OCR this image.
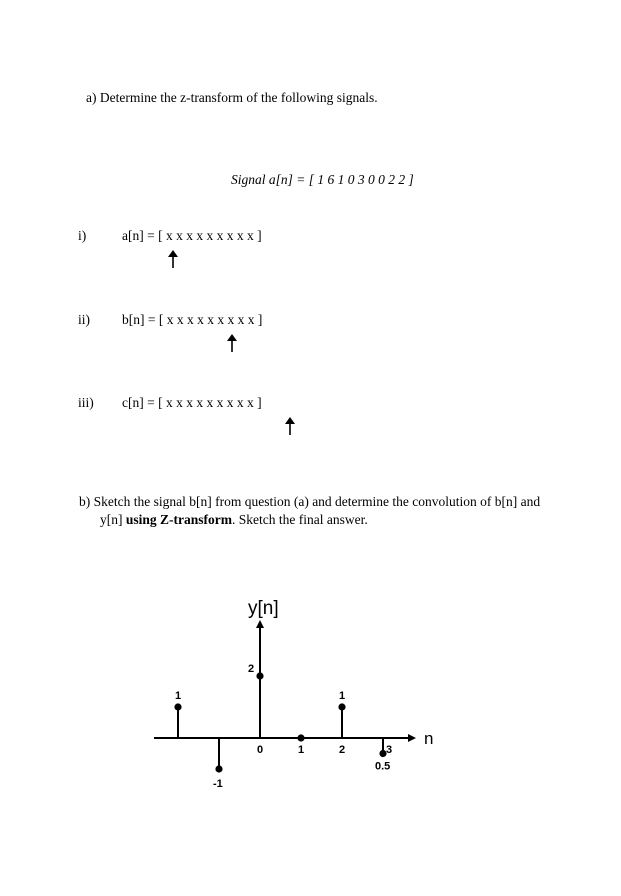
a) Determine the z-transform of the following signals.
Signal a[n] = [ 1 6 1 0 3 0 0 2 2 ]
i)	a[n] = [ x x x x x x x x x ]
ii) b[n] = [ x x x x x x x x x ]
iii) c[n] = [ x x x x x x x x x ]
b) Sketch the signal b[n] from question (a) and determine the convolution of b[n] and
y[n] using Z-transform. Sketch the final answer.
n
y[n]
1
-1
2
1
0.5
0	1	2	3
